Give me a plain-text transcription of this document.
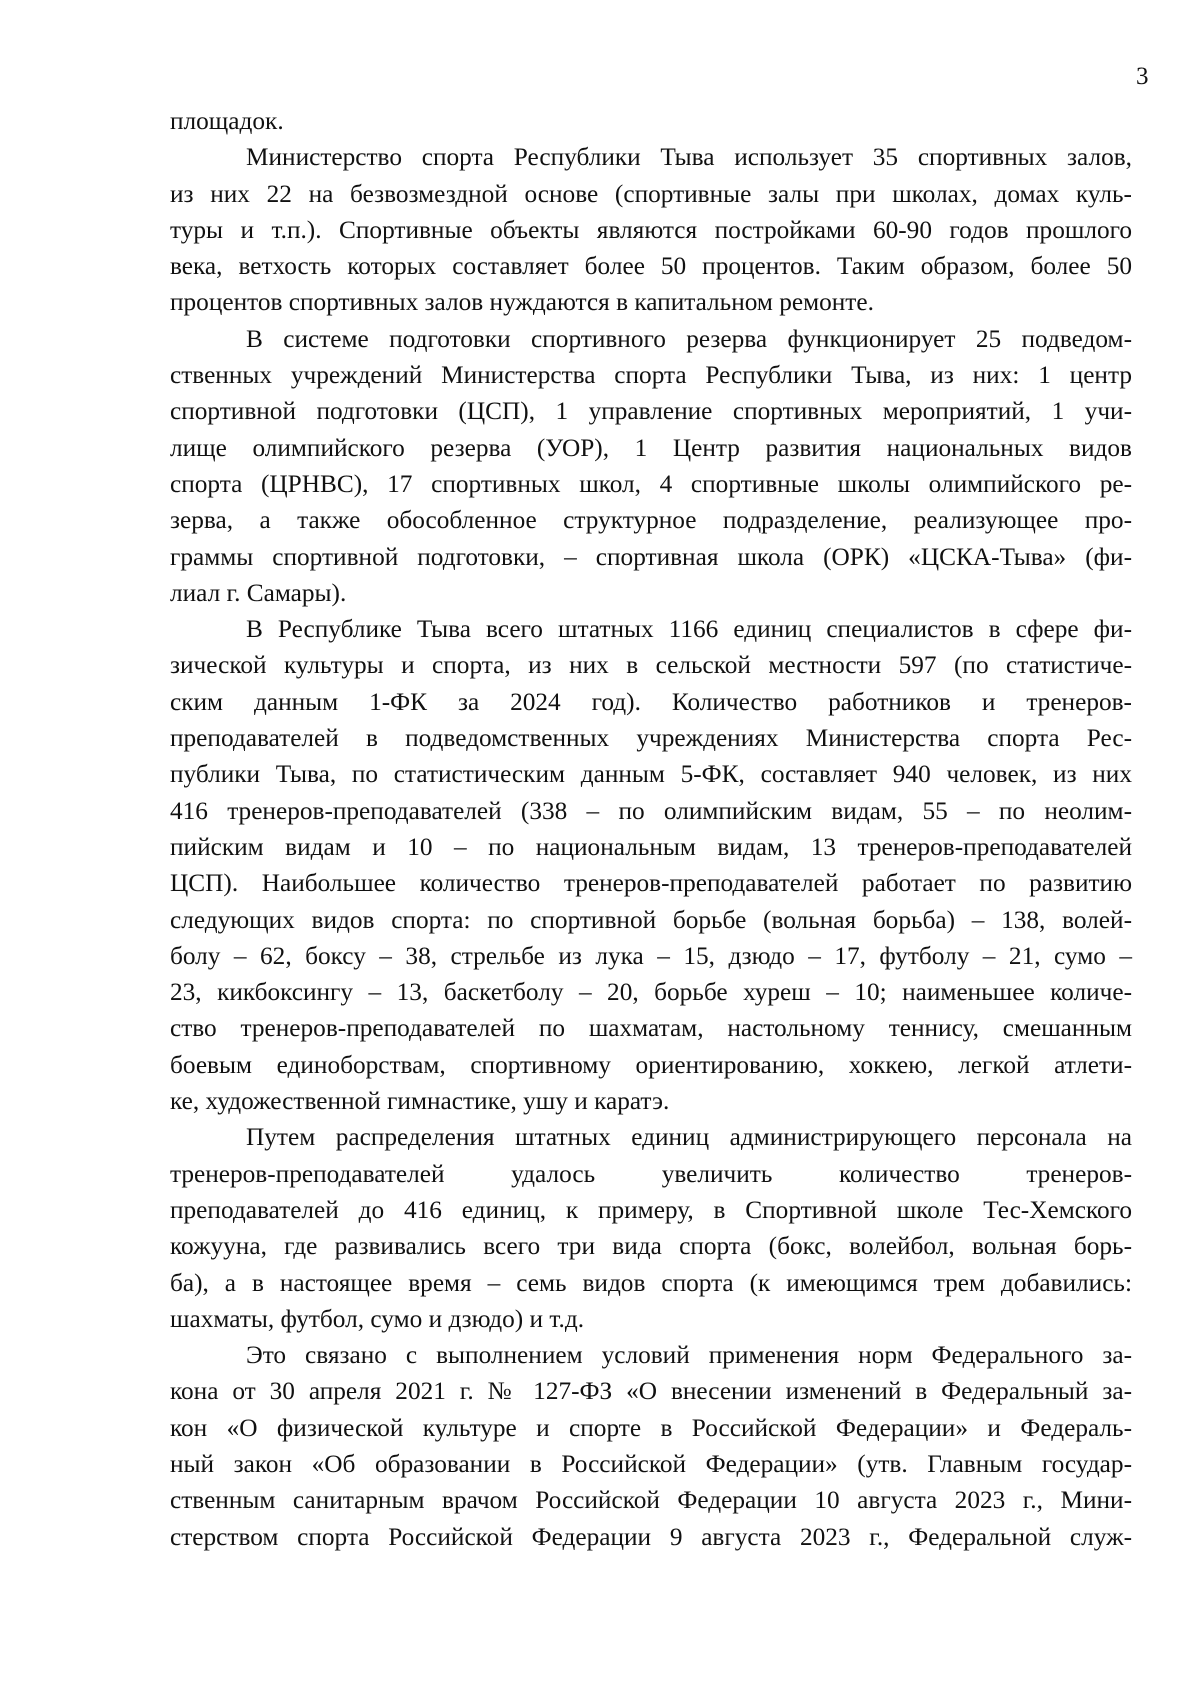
3
площадок.
Министерство спорта Республики Тыва использует 35 спортивных залов,
из них 22 на безвозмездной основе (спортивные залы при школах, домах куль-
туры и т.п.). Спортивные объекты являются постройками 60-90 годов прошлого
века, ветхость которых составляет более 50 процентов. Таким образом, более 50
процентов спортивных залов нуждаются в капитальном ремонте.
В системе подготовки спортивного резерва функционирует 25 подведом-
ственных учреждений Министерства спорта Республики Тыва, из них: 1 центр
спортивной подготовки (ЦСП), 1 управление спортивных мероприятий, 1 учи-
лище олимпийского резерва (УОР), 1 Центр развития национальных видов
спорта (ЦРНВС), 17 спортивных школ, 4 спортивные школы олимпийского ре-
зерва, а также обособленное структурное подразделение, реализующее про-
граммы спортивной подготовки, – спортивная школа (ОРК) «ЦСКА-Тыва» (фи-
лиал г. Самары).
В Республике Тыва всего штатных 1166 единиц специалистов в сфере фи-
зической культуры и спорта, из них в сельской местности 597 (по статистиче-
ским данным 1-ФК за 2024 год). Количество работников и тренеров-
преподавателей в подведомственных учреждениях Министерства спорта Рес-
публики Тыва, по статистическим данным 5-ФК, составляет 940 человек, из них
416 тренеров-преподавателей (338 – по олимпийским видам, 55 – по неолим-
пийским видам и 10 – по национальным видам, 13 тренеров-преподавателей
ЦСП). Наибольшее количество тренеров-преподавателей работает по развитию
следующих видов спорта: по спортивной борьбе (вольная борьба) – 138, волей-
болу – 62, боксу – 38, стрельбе из лука – 15, дзюдо – 17, футболу – 21, сумо –
23, кикбоксингу – 13, баскетболу – 20, борьбе хуреш – 10; наименьшее количе-
ство тренеров-преподавателей по шахматам, настольному теннису, смешанным
боевым единоборствам, спортивному ориентированию, хоккею, легкой атлети-
ке, художественной гимнастике, ушу и каратэ.
Путем распределения штатных единиц администрирующего персонала на
тренеров-преподавателей удалось увеличить количество тренеров-
преподавателей до 416 единиц, к примеру, в Спортивной школе Тес-Хемского
кожууна, где развивались всего три вида спорта (бокс, волейбол, вольная борь-
ба), а в настоящее время – семь видов спорта (к имеющимся трем добавились:
шахматы, футбол, сумо и дзюдо) и т.д.
Это связано с выполнением условий применения норм Федерального за-
кона от 30 апреля 2021 г. № 127-ФЗ «О внесении изменений в Федеральный за-
кон «О физической культуре и спорте в Российской Федерации» и Федераль-
ный закон «Об образовании в Российской Федерации» (утв. Главным государ-
ственным санитарным врачом Российской Федерации 10 августа 2023 г., Мини-
стерством спорта Российской Федерации 9 августа 2023 г., Федеральной служ-
